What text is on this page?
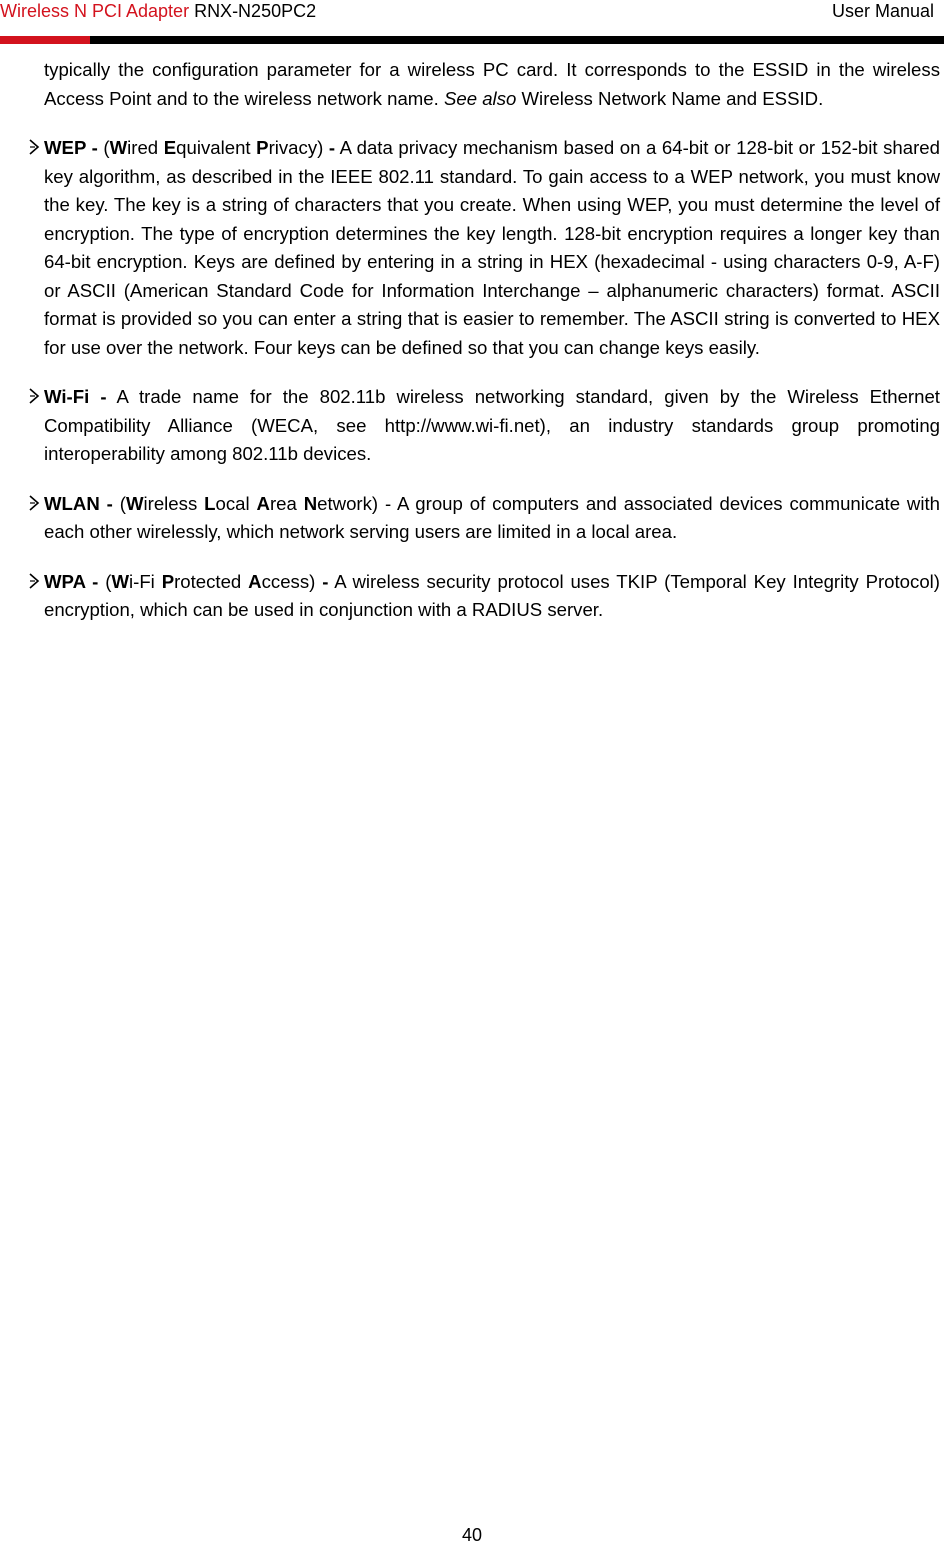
Wireless N PCI Adapter RNX-N250PC2	User Manual

typically the configuration parameter for a wireless PC card. It corresponds to the ESSID in the wireless Access Point and to the wireless network name. See also Wireless Network Name and ESSID.

WEP - (Wired Equivalent Privacy) - A data privacy mechanism based on a 64-bit or 128-bit or 152-bit shared key algorithm, as described in the IEEE 802.11 standard. To gain access to a WEP network, you must know the key. The key is a string of characters that you create. When using WEP, you must determine the level of encryption. The type of encryption determines the key length. 128-bit encryption requires a longer key than 64-bit encryption. Keys are defined by entering in a string in HEX (hexadecimal - using characters 0-9, A-F) or ASCII (American Standard Code for Information Interchange – alphanumeric characters) format. ASCII format is provided so you can enter a string that is easier to remember. The ASCII string is converted to HEX for use over the network. Four keys can be defined so that you can change keys easily.

Wi-Fi - A trade name for the 802.11b wireless networking standard, given by the Wireless Ethernet Compatibility Alliance (WECA, see http://www.wi-fi.net), an industry standards group promoting interoperability among 802.11b devices.

WLAN - (Wireless Local Area Network) - A group of computers and associated devices communicate with each other wirelessly, which network serving users are limited in a local area.

WPA - (Wi-Fi Protected Access) - A wireless security protocol uses TKIP (Temporal Key Integrity Protocol) encryption, which can be used in conjunction with a RADIUS server.

40
